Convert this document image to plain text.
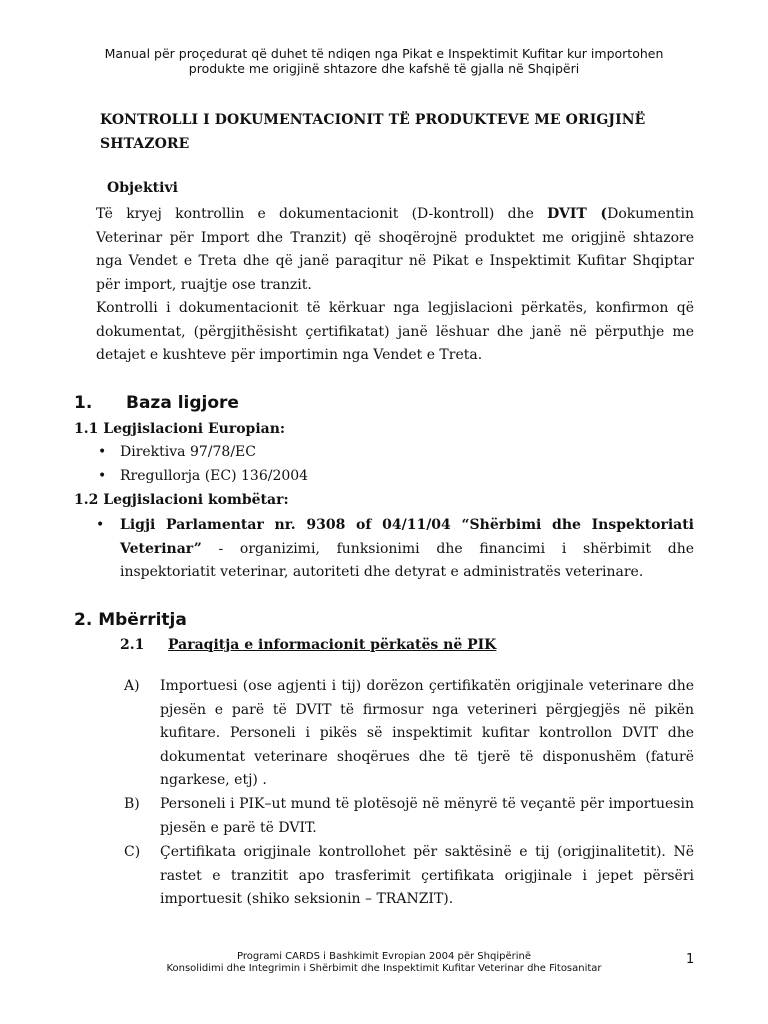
Manual për proçedurat që duhet të ndiqen nga Pikat e Inspektimit Kufitar kur importohen
produkte me origjinë shtazore dhe kafshë të gjalla në Shqipëri
KONTROLLI I DOKUMENTACIONIT TË PRODUKTEVE ME ORIGJINË
SHTAZORE
Objektivi
Të kryej kontrollin e dokumentacionit (D-kontroll) dhe DVIT (Dokumentin Veterinar për Import dhe Tranzit) që shoqërojnë produktet me origjinë shtazore nga Vendet e Treta dhe që janë paraqitur në Pikat e Inspektimit Kufitar Shqiptar për import, ruajtje ose tranzit.
Kontrolli i dokumentacionit të kërkuar nga legjislacioni përkatës, konfirmon që dokumentat, (përgjithësisht çertifikatat) janë lëshuar dhe janë në përputhje me detajet e kushteve për importimin nga Vendet e Treta.
1. Baza ligjore
1.1 Legjislacioni Europian:
• Direktiva 97/78/EC
• Rregullorja (EC) 136/2004
1.2 Legjislacioni kombëtar:
• Ligji Parlamentar nr. 9308 of 04/11/04 “Shërbimi dhe Inspektoriati Veterinar” - organizimi, funksionimi dhe financimi i shërbimit dhe inspektoriatit veterinar, autoriteti dhe detyrat e administratës veterinare.
2. Mbërritja
2.1 Paraqitja e informacionit përkatës në PIK
A)	Importuesi (ose agjenti i tij) dorëzon çertifikatën origjinale veterinare dhe pjesën e parë të DVIT të firmosur nga veterineri përgjegjës në pikën kufitare. Personeli i pikës së inspektimit kufitar kontrollon DVIT dhe dokumentat veterinare shoqërues dhe të tjerë të disponushëm (faturë ngarkese, etj) .
B)	Personeli i PIK–ut mund të plotësojë në mënyrë të veçantë për importuesin pjesën e parë të DVIT.
C)	Çertifikata origjinale kontrollohet për saktësinë e tij (origjinalitetit). Në rastet e tranzitit apo trasferimit çertifikata origjinale i jepet përsëri importuesit (shiko seksionin – TRANZIT).
Programi CARDS i Bashkimit Evropian 2004 për Shqipërinë
Konsolidimi dhe Integrimin i Shërbimit dhe Inspektimit Kufitar Veterinar dhe Fitosanitar
1
